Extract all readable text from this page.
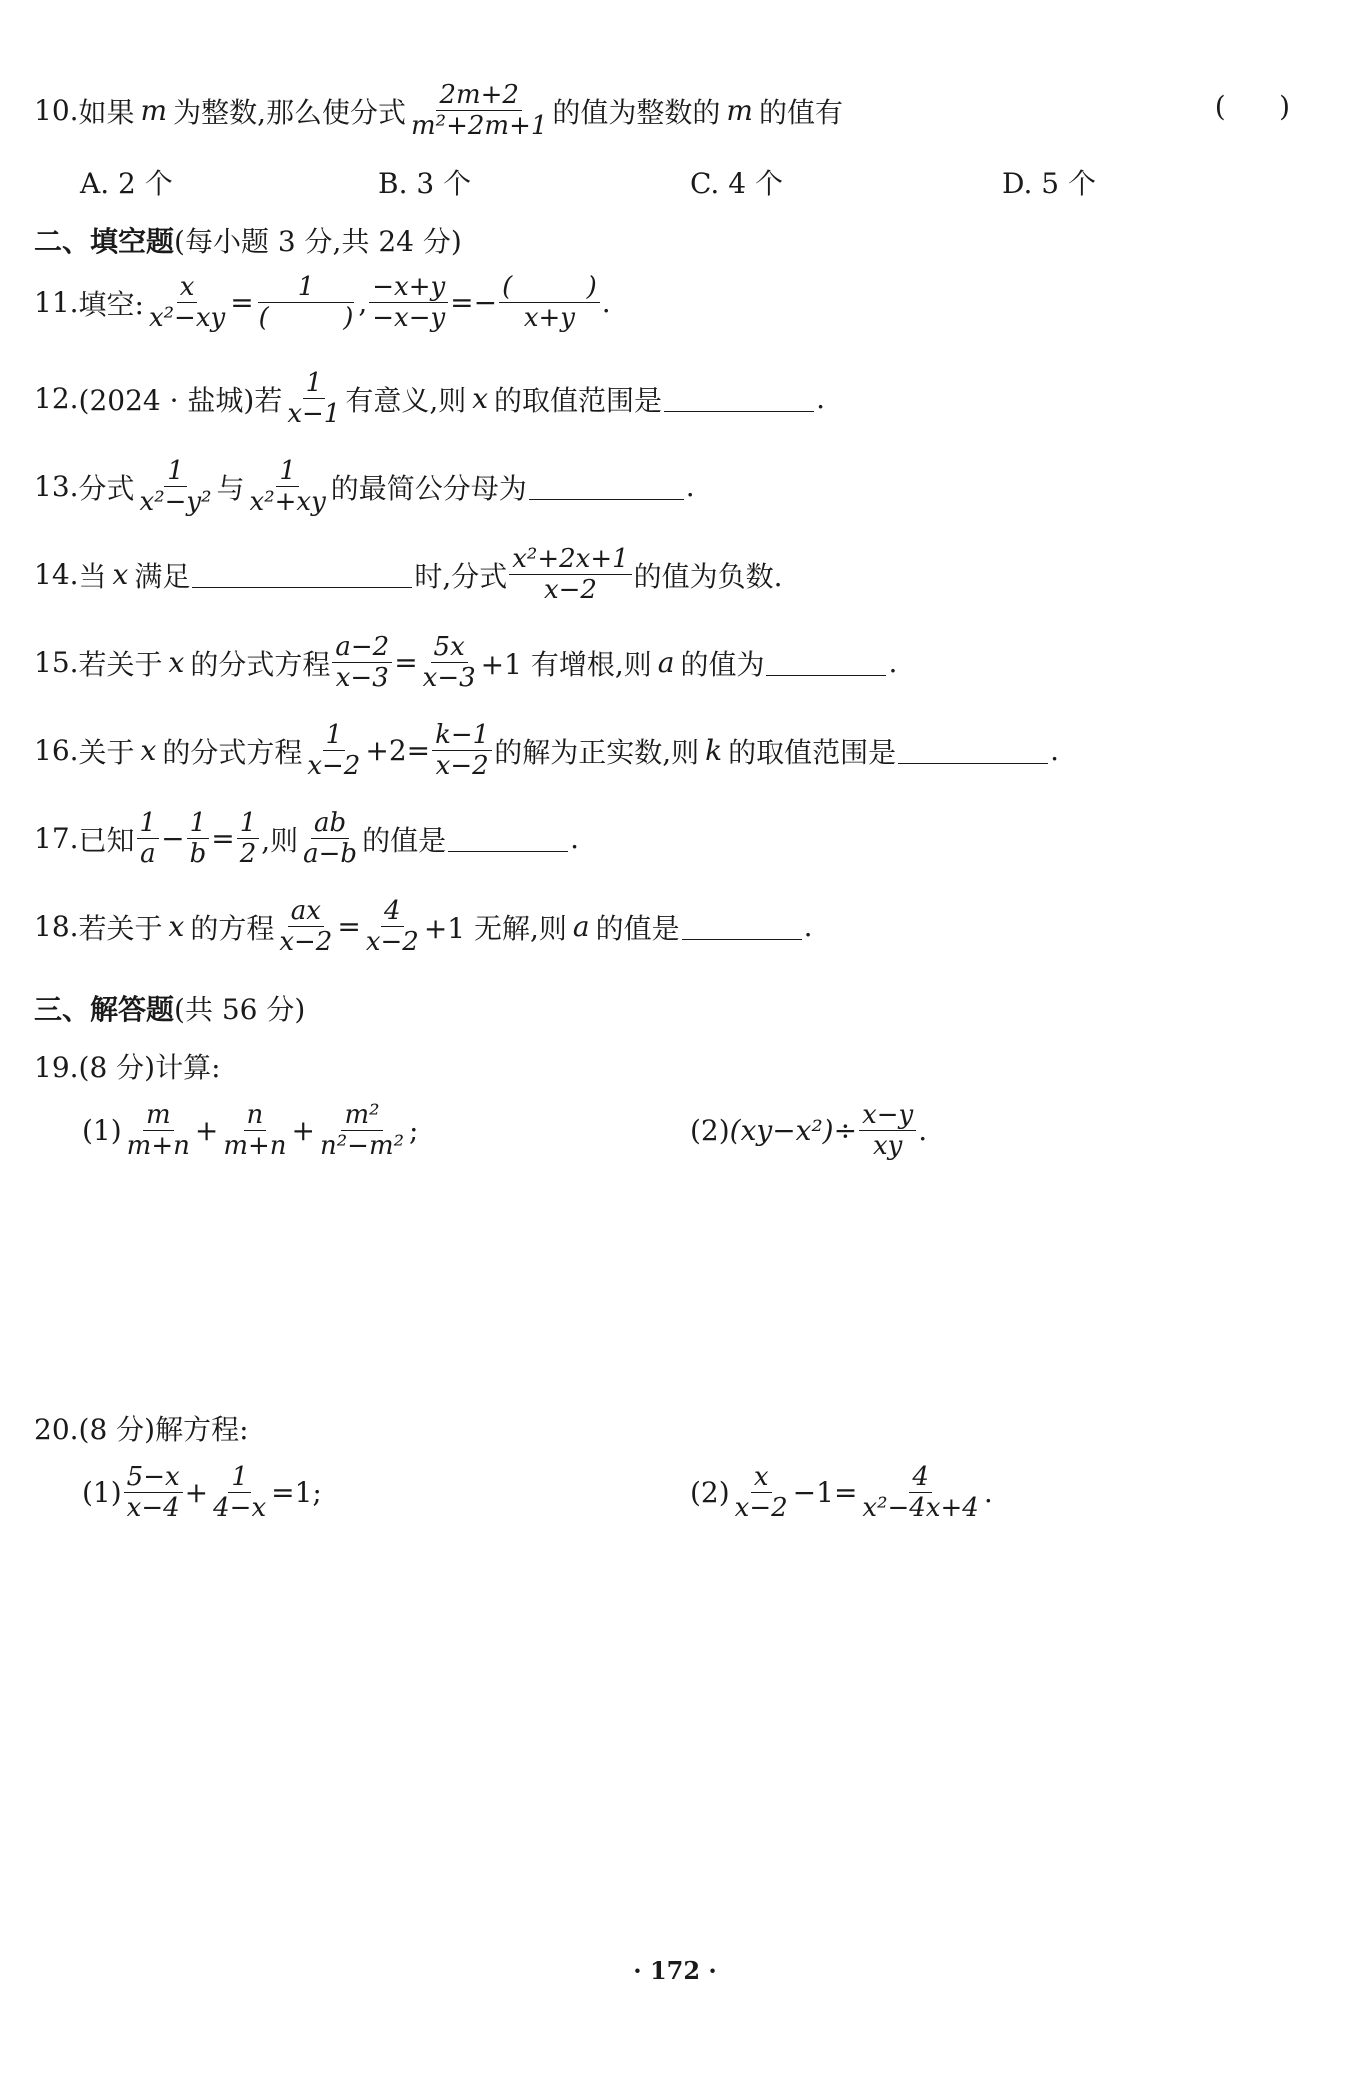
10. 如果 m 为整数,那么使分式 $\frac{2m+2}{\text{m²+2m+1}}$ 的值为整数的 m 的值有	(      )
A. 2 个	B. 3 个	C. 4 个	D. 5 个
二、填空题(每小题 3 分,共 24 分)
11. 填空: $\frac{x}{\text{x²−xy}} = \frac{1}{( )}$ , $\frac{-x+y}{-x-y} =- \frac{( )}{x+y}$ .
12. (2024 · 盐城)若 $\frac{1}{x-1}$ 有意义,则 x 的取值范围是	.
13. 分式 $\frac{1}{\text{x²−y²}}$ 与 $\frac{1}{\text{x²+xy}}$ 的最简公分母为	.
14. 当 x 满足	时,分式 $\frac{\text{x²+2x+1}}{x-2}$ 的值为负数.
15. 若关于 x 的分式方程 $\frac{a-2}{x-3} = \frac{5x}{x-3} +1$ 有增根,则 a 的值为	.
16. 关于 x 的分式方程 $\frac{1}{x-2} +2= \frac{k-1}{x-2}$ 的解为正实数,则 k 的取值范围是	.
17. 已知 $\frac{1}{a} - \frac{1}{b} = \frac{1}{2}$ ,则 $\frac{ab}{a-b}$ 的值是	.
18. 若关于 x 的方程 $\frac{ax}{x-2} = \frac{4}{x-2} +1$ 无解,则 a 的值是	.
三、解答题(共 56 分)
19.(8 分)计算:
$(1) \frac{m}{m+n} + \frac{n}{m+n} + \frac{\text{m²}}{\text{n²−m²}}$ ;	(2) $(xy-x^2)\div \frac{x-y}{xy}$ .
20.(8 分)解方程:
$(1) \frac{5-x}{x-4} + \frac{1}{4-x} =1$;	$(2) \frac{x}{x-2} -1= \frac{4}{\text{x²−4x+4}}$ .
· 172 ·
